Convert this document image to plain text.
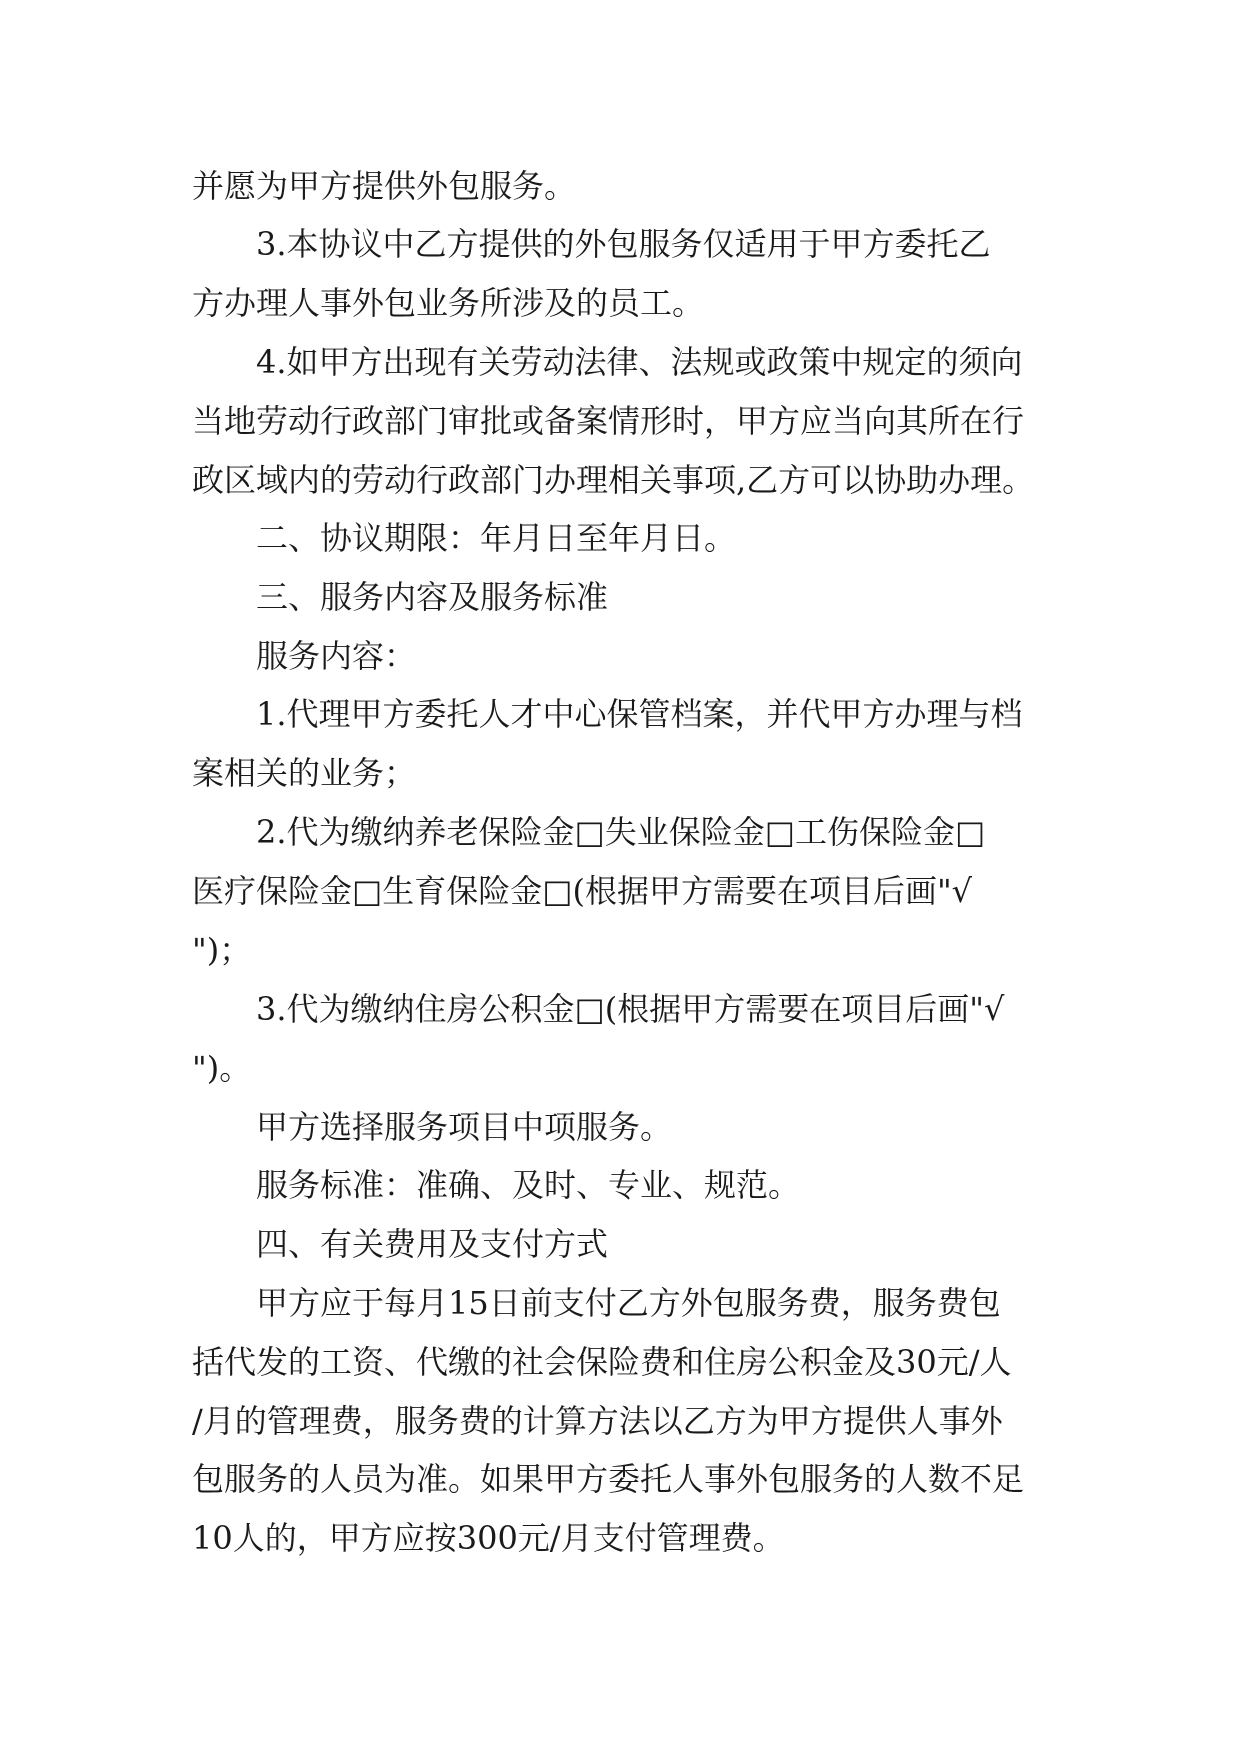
并愿为甲方提供外包服务。
3.本协议中乙方提供的外包服务仅适用于甲方委托乙
方办理人事外包业务所涉及的员工。
4.如甲方出现有关劳动法律、法规或政策中规定的须向
当地劳动行政部门审批或备案情形时，甲方应当向其所在行
政区域内的劳动行政部门办理相关事项,乙方可以协助办理。
二、协议期限：年月日至年月日。
三、服务内容及服务标准
服务内容：
1.代理甲方委托人才中心保管档案，并代甲方办理与档
案相关的业务；
2.代为缴纳养老保险金□失业保险金□工伤保险金□
医疗保险金□生育保险金□(根据甲方需要在项目后画"√
")；
3.代为缴纳住房公积金□(根据甲方需要在项目后画"√
")。
甲方选择服务项目中项服务。
服务标准：准确、及时、专业、规范。
四、有关费用及支付方式
甲方应于每月15日前支付乙方外包服务费，服务费包
括代发的工资、代缴的社会保险费和住房公积金及30元/人
/月的管理费，服务费的计算方法以乙方为甲方提供人事外
包服务的人员为准。如果甲方委托人事外包服务的人数不足
10人的，甲方应按300元/月支付管理费。
